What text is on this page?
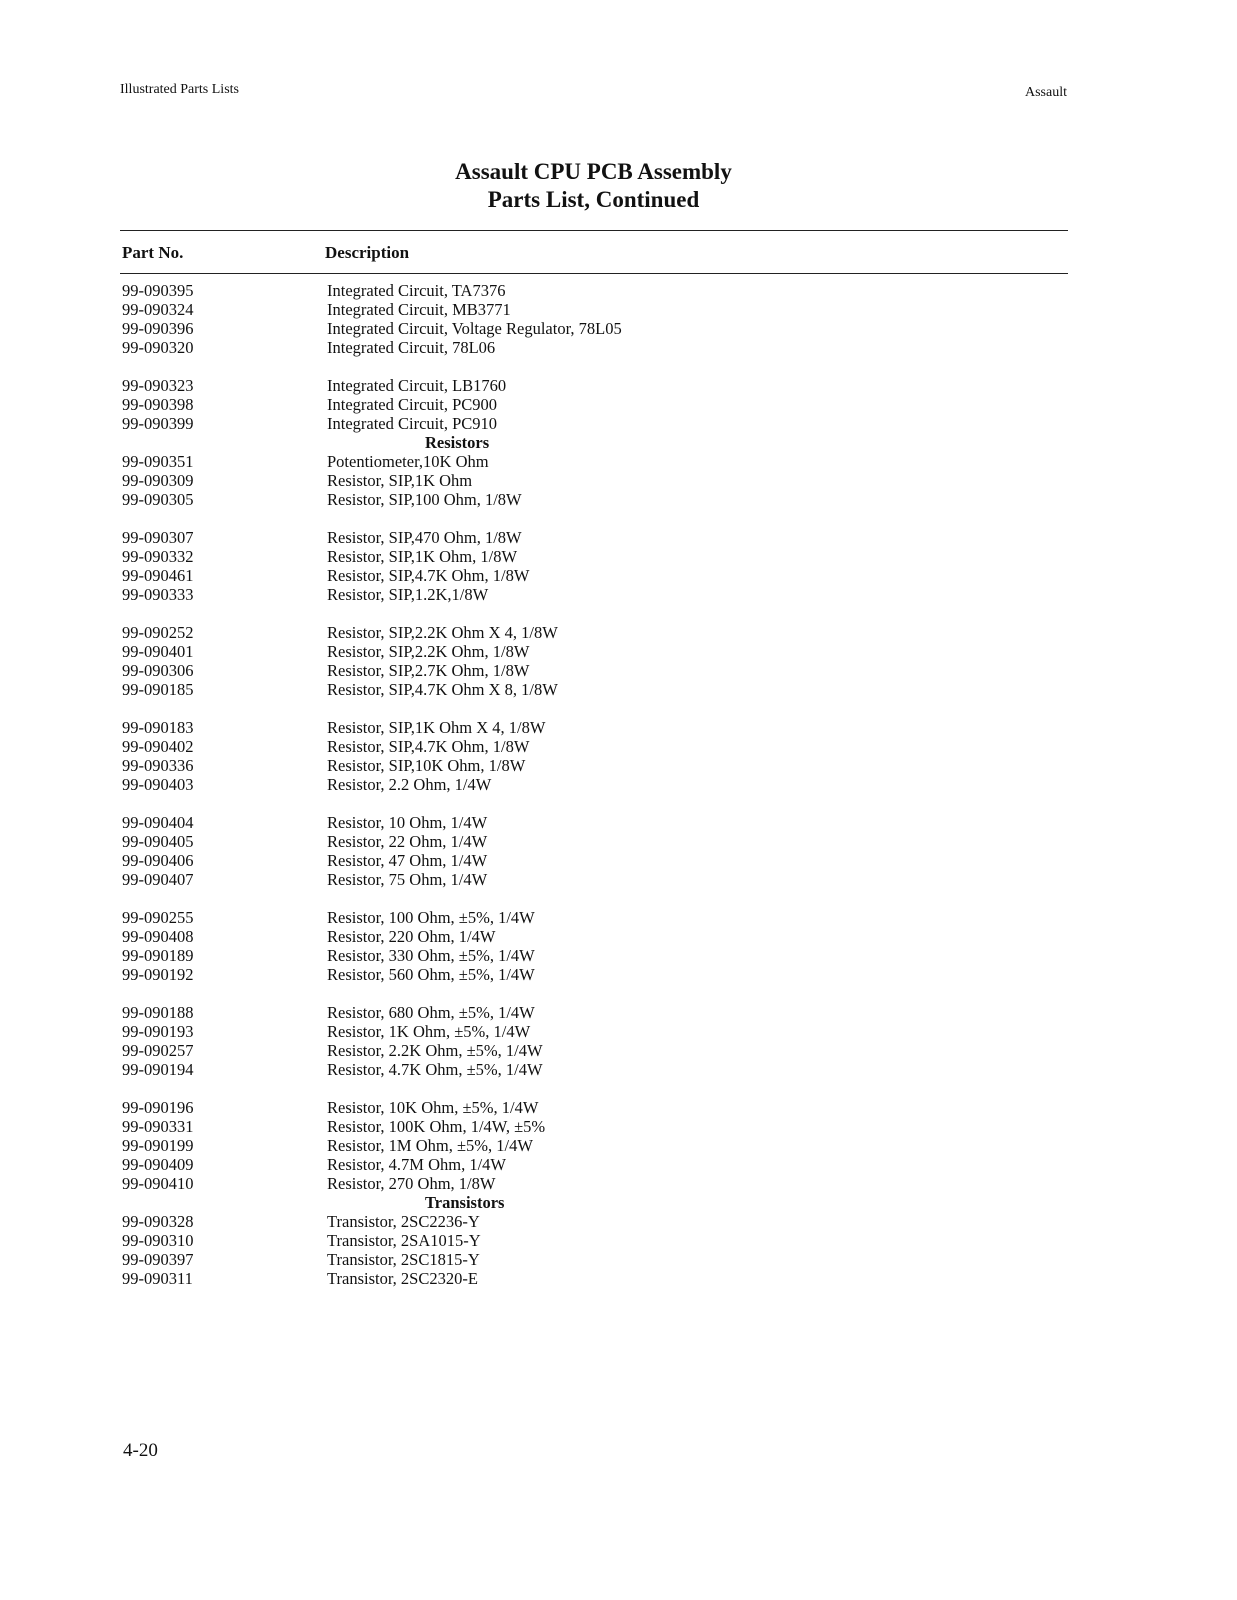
Illustrated Parts Lists	Assault
Assault CPU PCB Assembly
Parts List, Continued
Part No.	Description
99-090395	Integrated Circuit, TA7376
99-090324	Integrated Circuit, MB3771
99-090396	Integrated Circuit, Voltage Regulator, 78L05
99-090320	Integrated Circuit, 78L06
99-090323	Integrated Circuit, LB1760
99-090398	Integrated Circuit, PC900
99-090399	Integrated Circuit, PC910
Resistors
99-090351	Potentiometer,10K Ohm
99-090309	Resistor, SIP,1K Ohm
99-090305	Resistor, SIP,100 Ohm, 1/8W
99-090307	Resistor, SIP,470 Ohm, 1/8W
99-090332	Resistor, SIP,1K Ohm, 1/8W
99-090461	Resistor, SIP,4.7K Ohm, 1/8W
99-090333	Resistor, SIP,1.2K,1/8W
99-090252	Resistor, SIP,2.2K Ohm X 4, 1/8W
99-090401	Resistor, SIP,2.2K Ohm, 1/8W
99-090306	Resistor, SIP,2.7K Ohm, 1/8W
99-090185	Resistor, SIP,4.7K Ohm X 8, 1/8W
99-090183	Resistor, SIP,1K Ohm X 4, 1/8W
99-090402	Resistor, SIP,4.7K Ohm, 1/8W
99-090336	Resistor, SIP,10K Ohm, 1/8W
99-090403	Resistor, 2.2 Ohm, 1/4W
99-090404	Resistor, 10 Ohm, 1/4W
99-090405	Resistor, 22 Ohm, 1/4W
99-090406	Resistor, 47 Ohm, 1/4W
99-090407	Resistor, 75 Ohm, 1/4W
99-090255	Resistor, 100 Ohm, ±5%, 1/4W
99-090408	Resistor, 220 Ohm, 1/4W
99-090189	Resistor, 330 Ohm, ±5%, 1/4W
99-090192	Resistor, 560 Ohm, ±5%, 1/4W
99-090188	Resistor, 680 Ohm, ±5%, 1/4W
99-090193	Resistor, 1K Ohm, ±5%, 1/4W
99-090257	Resistor, 2.2K Ohm, ±5%, 1/4W
99-090194	Resistor, 4.7K Ohm, ±5%, 1/4W
99-090196	Resistor, 10K Ohm, ±5%, 1/4W
99-090331	Resistor, 100K Ohm, 1/4W, ±5%
99-090199	Resistor, 1M Ohm, ±5%, 1/4W
99-090409	Resistor, 4.7M Ohm, 1/4W
99-090410	Resistor, 270 Ohm, 1/8W
Transistors
99-090328	Transistor, 2SC2236-Y
99-090310	Transistor, 2SA1015-Y
99-090397	Transistor, 2SC1815-Y
99-090311	Transistor, 2SC2320-E
4-20
